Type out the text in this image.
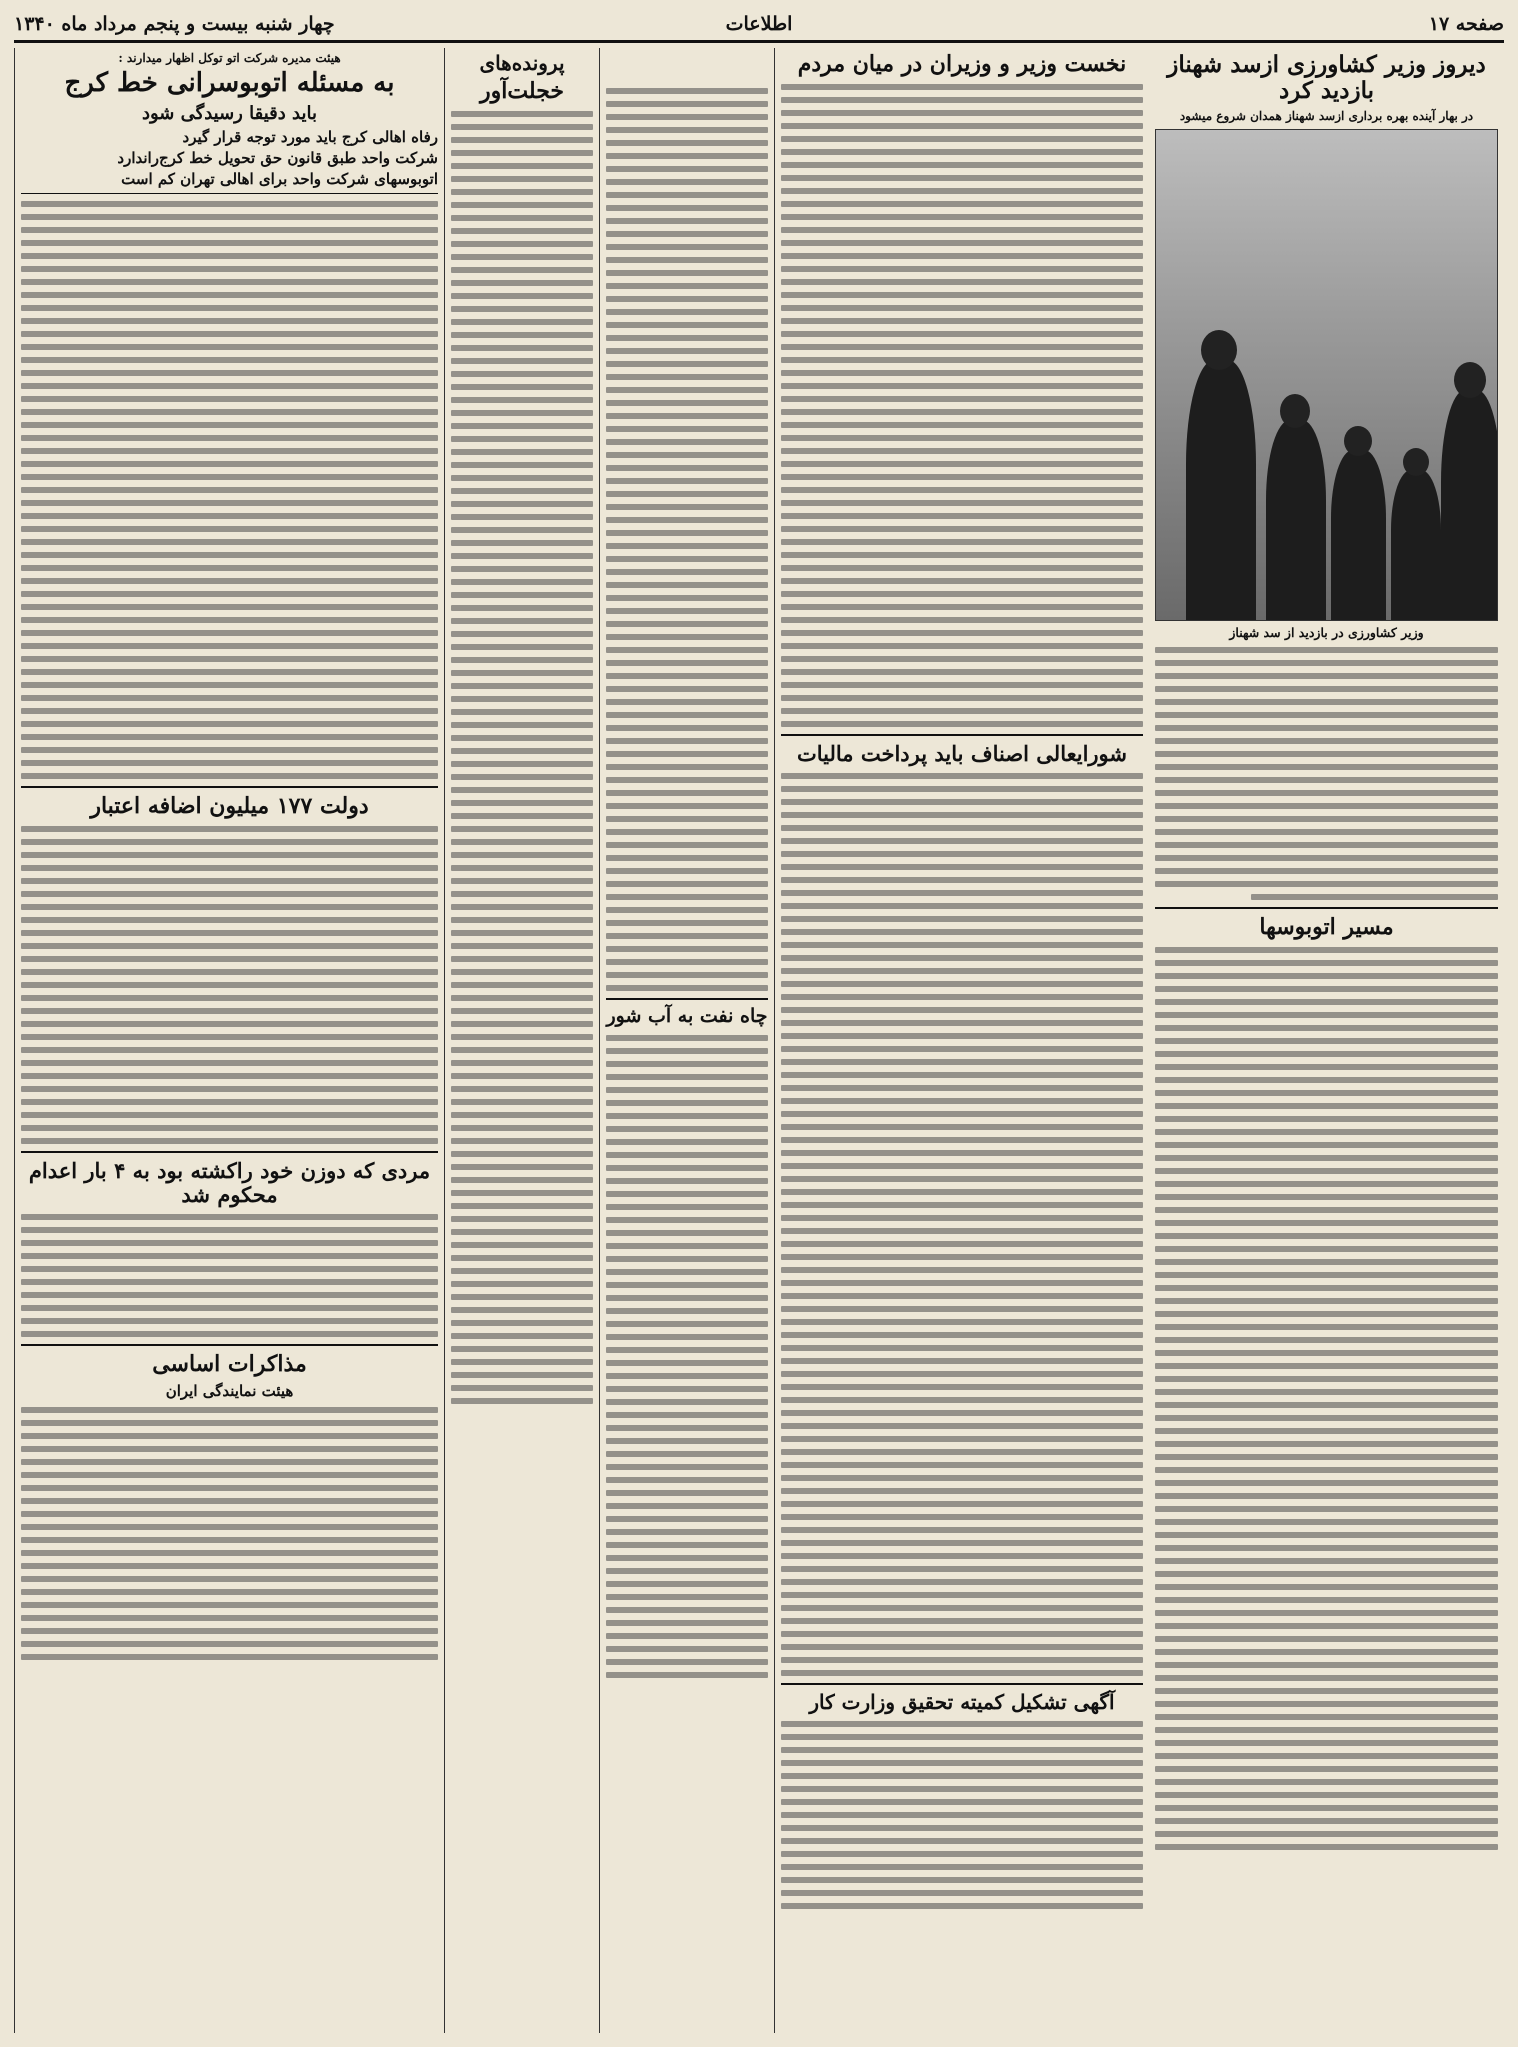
صفحه ۱۷
اطلاعات
چهار شنبه بیست و پنجم مرداد ماه ۱۳۴۰
دیروز وزیر کشاورزی ازسد شهناز بازدید کرد
در بهار آینده بهره برداری ازسد شهناز همدان شروع میشود
وزیر کشاورزی در بازدید از سد شهناز
مسیر اتوبوسها
نخست وزیر و وزیران در میان مردم
شورایعالی اصناف باید پرداخت مالیات
آگهی تشکیل کمیته تحقیق وزارت کار
چاه نفت به آب شور
پرونده‌های
خجلت‌آور
هیئت مدیره شرکت اتو توکل اظهار میدارند :
به مسئله اتوبوسرانی خط کرج
باید دقیقا رسیدگی شود
رفاه اهالی کرج باید مورد توجه قرار گیرد
شرکت واحد طبق قانون حق تحویل خط کرج‌راندارد
اتوبوسهای شرکت واحد برای اهالی تهران کم است
دولت ۱۷۷ میلیون اضافه اعتبار
مردی که دوزن خود راکشته بود به ۴ بار اعدام محکوم شد
مذاکرات اساسی
هیئت نمایندگی ایران
